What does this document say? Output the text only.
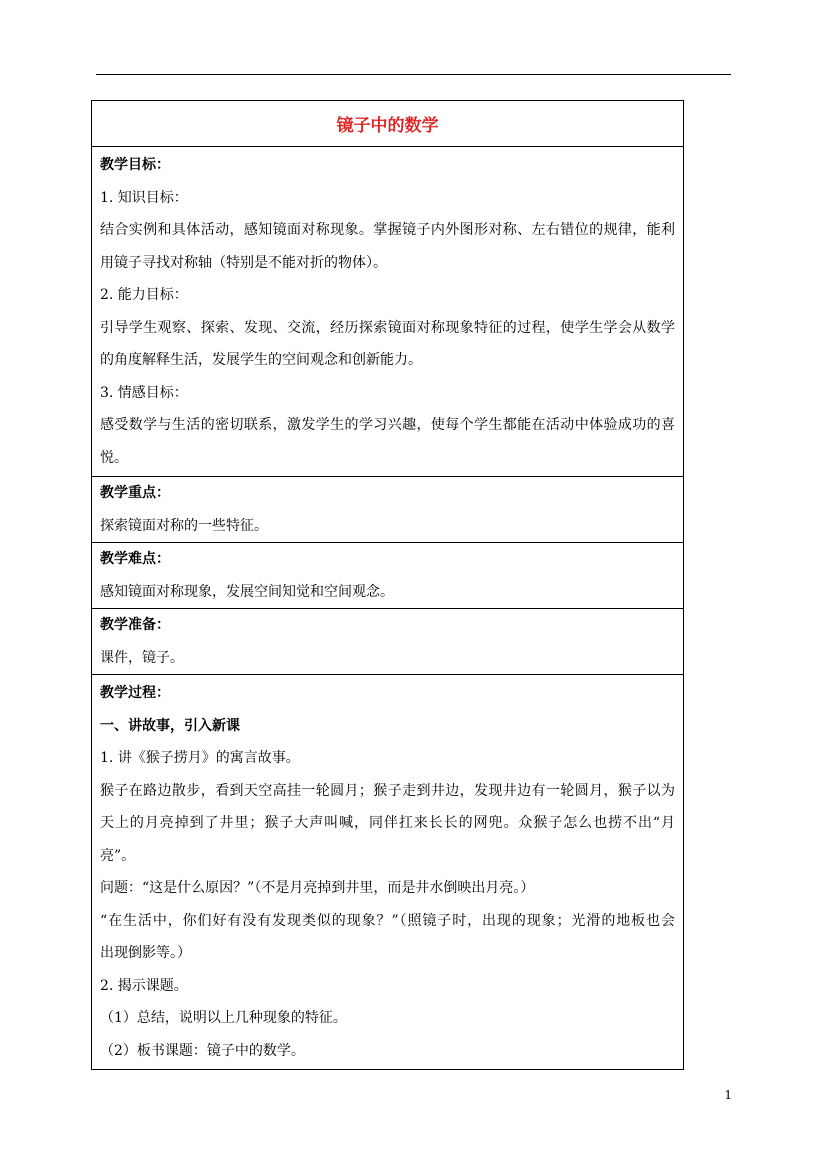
镜子中的数学
教学目标：
1. 知识目标：
结合实例和具体活动，感知镜面对称现象。掌握镜子内外图形对称、左右错位的规律，能利
用镜子寻找对称轴（特别是不能对折的物体）。
2. 能力目标：
引导学生观察、探索、发现、交流，经历探索镜面对称现象特征的过程，使学生学会从数学
的角度解释生活，发展学生的空间观念和创新能力。
3. 情感目标：
感受数学与生活的密切联系，激发学生的学习兴趣，使每个学生都能在活动中体验成功的喜
悦。
教学重点：
探索镜面对称的一些特征。
教学难点：
感知镜面对称现象，发展空间知觉和空间观念。
教学准备：
课件，镜子。
教学过程：
一、讲故事，引入新课
1. 讲《猴子捞月》的寓言故事。
猴子在路边散步，看到天空高挂一轮圆月；猴子走到井边，发现井边有一轮圆月，猴子以为
天上的月亮掉到了井里；猴子大声叫喊，同伴扛来长长的网兜。众猴子怎么也捞不出“月
亮”。
问题：“这是什么原因？”（不是月亮掉到井里，而是井水倒映出月亮。）
“在生活中，你们好有没有发现类似的现象？”（照镜子时，出现的现象；光滑的地板也会
出现倒影等。）
2. 揭示课题。
（1）总结，说明以上几种现象的特征。
（2）板书课题：镜子中的数学。
1
